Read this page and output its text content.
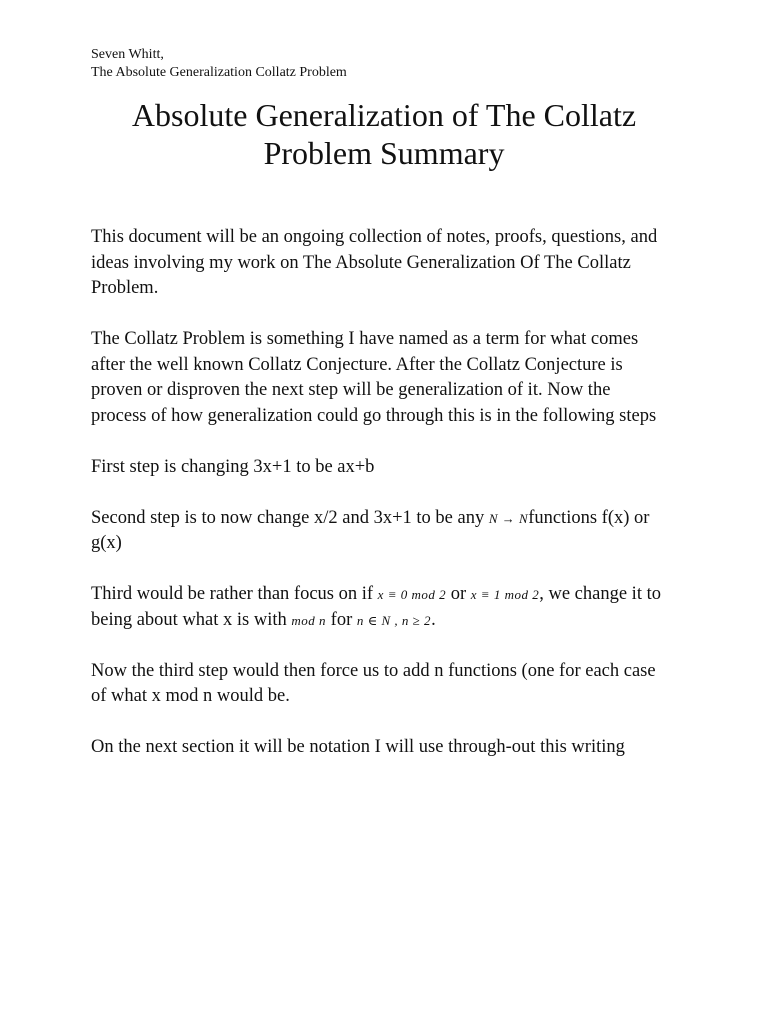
Seven Whitt,
The Absolute Generalization Collatz Problem
Absolute Generalization of The Collatz
Problem Summary

This document will be an ongoing collection of notes, proofs, questions, and
ideas involving my work on The Absolute Generalization Of The Collatz
Problem.

The Collatz Problem is something I have named as a term for what comes
after the well known Collatz Conjecture. After the Collatz Conjecture is
proven or disproven the next step will be generalization of it. Now the
process of how generalization could go through this is in the following steps

First step is changing 3x+1 to be ax+b

Second step is to now change x/2 and 3x+1 to be any N → Nfunctions f(x) or
g(x)

Third would be rather than focus on if x ≡ 0 mod 2 or x ≡ 1 mod 2, we change it to
being about what x is with mod n for n ∈ N , n ≥ 2.

Now the third step would then force us to add n functions (one for each case
of what x mod n would be.

On the next section it will be notation I will use through-out this writing
